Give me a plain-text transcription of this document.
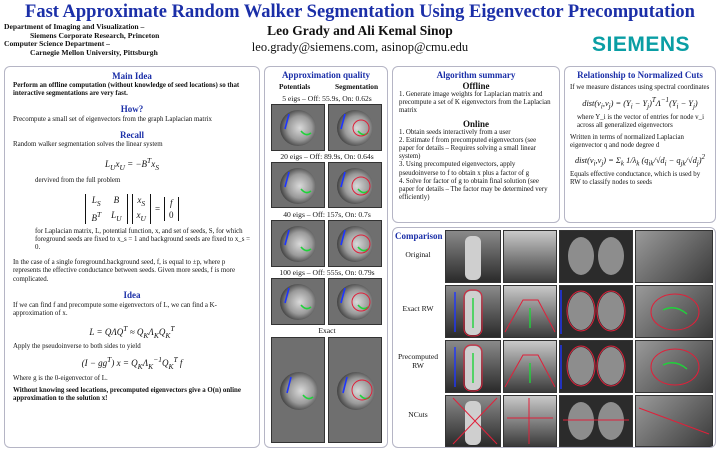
Fast Approximate Random Walker Segmentation Using Eigenvector Precomputation
Department of Imaging and Visualization –
Siemens Corporate Research, Princeton
Computer Science Department –
Carnegie Mellon University, Pittsburgh
Leo Grady and Ali Kemal Sinop
leo.grady@siemens.com, asinop@cmu.edu	SIEMENS
Main Idea
Perform an offline computation (without knowledge of seed locations) so that interactive segmentations are very fast.
How?
Precompute a small set of eigenvectors from the graph Laplacian matrix
Recall
Random walker segmentation solves the linear system
$L_Ux_U = -B^Tx_S$
dervived from the full problem
$L_S$ B
$B^T$ $L_U$
$x_S$
$x_U$
=
f
0
for Laplacian matrix, L, potential function, x, and set of seeds, S, for which foreground seeds are fixed to x_s = 1 and background seeds are fixed to x_s = 0.
In the case of a single foreground.background seed, f, is equal to ±p, where p represents the effective conductance between seeds. Given more seeds, f is more complicated.
Idea
If we can find f and precompute some eigenvectors of L, we can find a K-approximation of x.
$L = Q\Lambda Q^T \approx Q_K\Lambda_KQ_K^T$
Apply the pseudoinverse to both sides to yield
$(I - gg^T)$ $x = Q_K\Lambda_K^{-1}Q_K^T$ f
Where g is the 0-eigenvector of L.
Without knowing seed locations, precomputed eigenvectors give a O(n) online approximation to the solution x!
Approximation quality
Potentials	Segmentation
5 eigs – Off: 55.9s, On: 0.62s
20 eigs – Off: 89.9s, On: 0.64s
40 eigs – Off: 157s, On: 0.7s
100 eigs – Off: 555s, On: 0.79s
Exact
Algorithm summary
Offline
1. Generate image weights for Laplacian matrix and precompute a set of K eigenvectors from the Laplacian matrix
Online
1. Obtain seeds interactively from a user
2. Estimate f from precomputed eigenvectors (see paper for details – Requires solving a small linear system)
3. Using precomputed eigenvectors, apply pseudoinverse to f to obtain x plus a factor of g
4. Solve for factor of g to obtain final solution (see paper for details – The factor may be determined very efficiently)
Relationship to Normalized Cuts
If we measure distances using spectral coordinates
$dist(v_i,v_j) = (Y_i - Y_j)^T\Lambda^{-1}(Y_i - Y_j)$
where Y_i is the vector of entries for node v_i across all generalized eigenvectors
Written in terms of normalized Laplacian eigenvector q and node degree d
$dist(v_i,v_j) = \Sigma_k$ $1/\lambda_k$ $(q_{ik}/√d_i - q_{jk}/√d_j)^2$
Equals effective conductance, which is used by RW to classify nodes to seeds
Comparison
Original
Exact RW
Precomputed RW
NCuts
